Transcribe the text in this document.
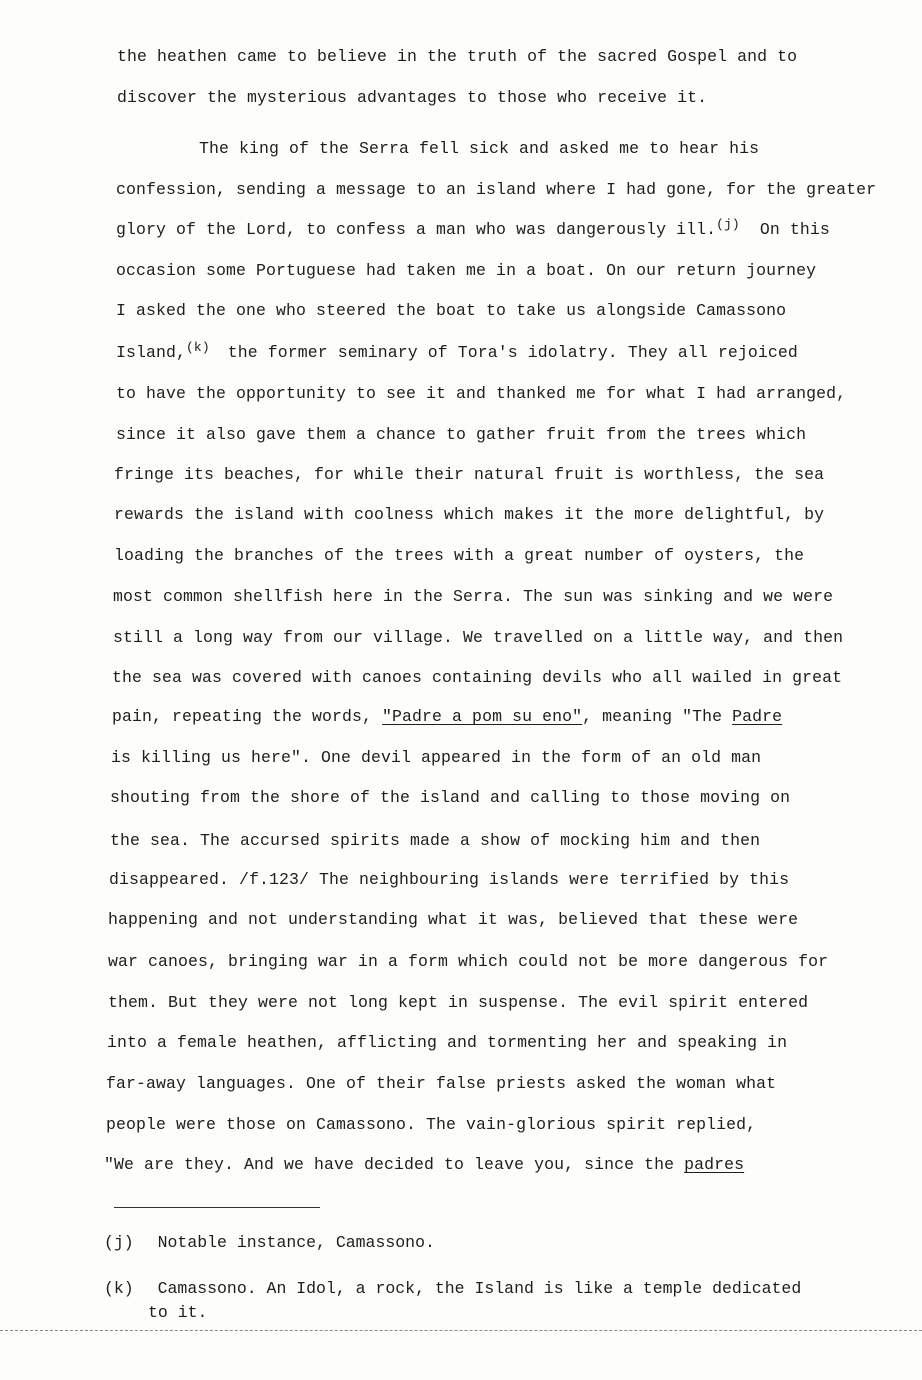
the heathen came to believe in the truth of the sacred Gospel and to
discover the mysterious advantages to those who receive it.
The king of the Serra fell sick and asked me to hear his
confession, sending a message to an island where I had gone, for the greater
glory of the Lord, to confess a man who was dangerously ill.$^{(j)}$ On this
occasion some Portuguese had taken me in a boat. On our return journey
I asked the one who steered the boat to take us alongside Camassono
Island,$^{(k)}$ the former seminary of Tora's idolatry. They all rejoiced
to have the opportunity to see it and thanked me for what I had arranged,
since it also gave them a chance to gather fruit from the trees which
fringe its beaches, for while their natural fruit is worthless, the sea
rewards the island with coolness which makes it the more delightful, by
loading the branches of the trees with a great number of oysters, the
most common shellfish here in the Serra. The sun was sinking and we were
still a long way from our village. We travelled on a little way, and then
the sea was covered with canoes containing devils who all wailed in great
pain, repeating the words, "Padre a pom su eno", meaning "The Padre
is killing us here". One devil appeared in the form of an old man
shouting from the shore of the island and calling to those moving on
the sea. The accursed spirits made a show of mocking him and then
disappeared. /f.123/ The neighbouring islands were terrified by this
happening and not understanding what it was, believed that these were
war canoes, bringing war in a form which could not be more dangerous for
them. But they were not long kept in suspense. The evil spirit entered
into a female heathen, afflicting and tormenting her and speaking in
far-away languages. One of their false priests asked the woman what
people were those on Camassono. The vain-glorious spirit replied,
"We are they. And we have decided to leave you, since the padres
(j) Notable instance, Camassono.
(k) Camassono. An Idol, a rock, the Island is like a temple dedicated
to it.
